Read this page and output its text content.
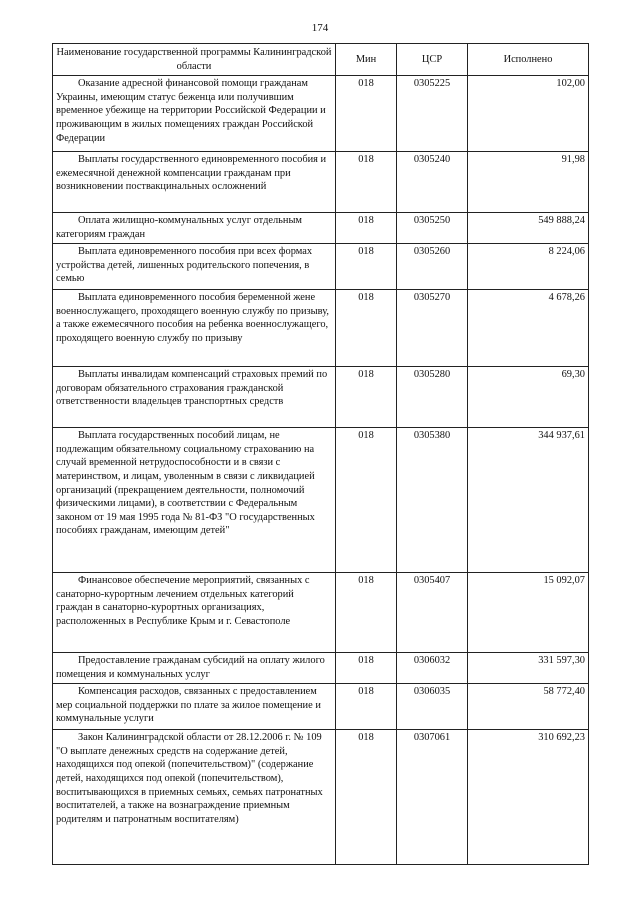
174
Наименование государственной программы Калининградской области	Мин	ЦСР	Исполнено

Оказание адресной финансовой помощи гражданам Украины, имеющим статус беженца или получившим временное убежище на территории Российской Федерации и проживающим в жилых помещениях граждан Российской Федерации	018	0305225	102,00

Выплаты государственного единовременного пособия и ежемесячной денежной компенсации гражданам при возникновении поствакцинальных осложнений	018	0305240	91,98

Оплата жилищно-коммунальных услуг отдельным категориям граждан	018	0305250	549 888,24

Выплата единовременного пособия при всех формах устройства детей, лишенных родительского попечения, в семью	018	0305260	8 224,06

Выплата единовременного пособия беременной жене военнослужащего, проходящего военную службу по призыву, а также ежемесячного пособия на ребенка военнослужащего, проходящего военную службу по призыву	018	0305270	4 678,26

Выплаты инвалидам компенсаций страховых премий по договорам обязательного страхования гражданской ответственности владельцев транспортных средств	018	0305280	69,30

Выплата государственных пособий лицам, не подлежащим обязательному социальному страхованию на случай временной нетрудоспособности и в связи с материнством, и лицам, уволенным в связи с ликвидацией организаций (прекращением деятельности, полномочий физическими лицами), в соответствии с Федеральным законом от 19 мая 1995 года № 81-ФЗ "О государственных пособиях гражданам, имеющим детей"	018	0305380	344 937,61

Финансовое обеспечение мероприятий, связанных с санаторно-курортным лечением отдельных категорий граждан в санаторно-курортных организациях, расположенных в Республике Крым и г. Севастополе	018	0305407	15 092,07

Предоставление гражданам субсидий на оплату жилого помещения и коммунальных услуг	018	0306032	331 597,30

Компенсация расходов, связанных с предоставлением мер социальной поддержки по плате за жилое помещение и коммунальные услуги	018	0306035	58 772,40

Закон Калининградской области от 28.12.2006 г. № 109 "О выплате денежных средств на содержание детей, находящихся под опекой (попечительством)" (содержание детей, находящихся под опекой (попечительством), воспитывающихся в приемных семьях, семьях патронатных воспитателей, а также на вознаграждение приемным родителям и патронатным воспитателям)	018	0307061	310 692,23
